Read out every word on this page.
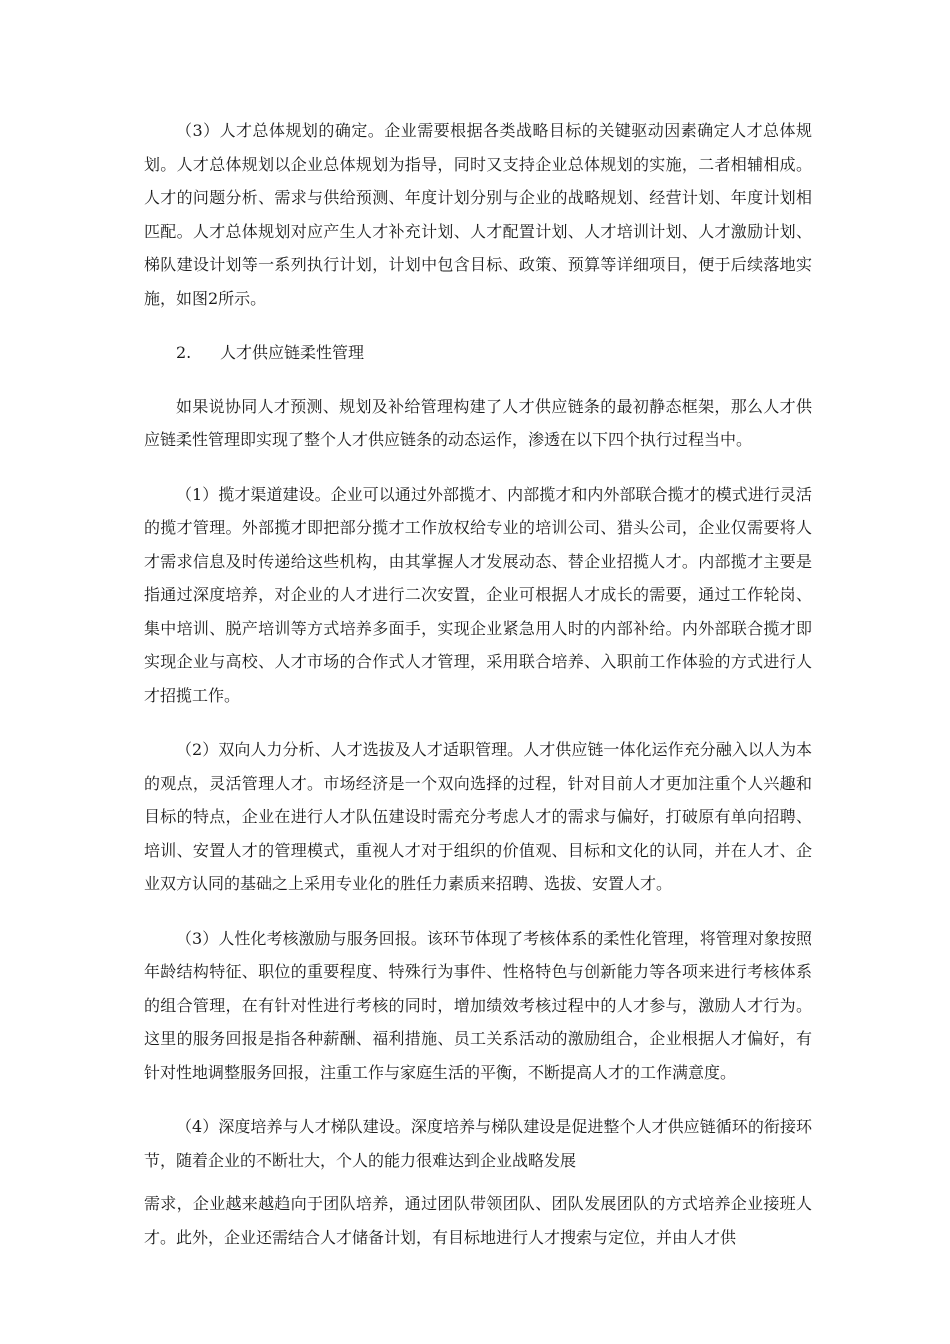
（3）人才总体规划的确定。企业需要根据各类战略目标的关键驱动因素确定人才总体规划。人才总体规划以企业总体规划为指导，同时又支持企业总体规划的实施，二者相辅相成。人才的问题分析、需求与供给预测、年度计划分别与企业的战略规划、经营计划、年度计划相匹配。人才总体规划对应产生人才补充计划、人才配置计划、人才培训计划、人才激励计划、梯队建设计划等一系列执行计划，计划中包含目标、政策、预算等详细项目，便于后续落地实施，如图2所示。

2. 人才供应链柔性管理

如果说协同人才预测、规划及补给管理构建了人才供应链条的最初静态框架，那么人才供应链柔性管理即实现了整个人才供应链条的动态运作，渗透在以下四个执行过程当中。

（1）揽才渠道建设。企业可以通过外部揽才、内部揽才和内外部联合揽才的模式进行灵活的揽才管理。外部揽才即把部分揽才工作放权给专业的培训公司、猎头公司，企业仅需要将人才需求信息及时传递给这些机构，由其掌握人才发展动态、替企业招揽人才。内部揽才主要是指通过深度培养，对企业的人才进行二次安置，企业可根据人才成长的需要，通过工作轮岗、集中培训、脱产培训等方式培养多面手，实现企业紧急用人时的内部补给。内外部联合揽才即实现企业与高校、人才市场的合作式人才管理，采用联合培养、入职前工作体验的方式进行人才招揽工作。

（2）双向人力分析、人才选拔及人才适职管理。人才供应链一体化运作充分融入以人为本的观点，灵活管理人才。市场经济是一个双向选择的过程，针对目前人才更加注重个人兴趣和目标的特点，企业在进行人才队伍建设时需充分考虑人才的需求与偏好，打破原有单向招聘、培训、安置人才的管理模式，重视人才对于组织的价值观、目标和文化的认同，并在人才、企业双方认同的基础之上采用专业化的胜任力素质来招聘、选拔、安置人才。

（3）人性化考核激励与服务回报。该环节体现了考核体系的柔性化管理，将管理对象按照年龄结构特征、职位的重要程度、特殊行为事件、性格特色与创新能力等各项来进行考核体系的组合管理，在有针对性进行考核的同时，增加绩效考核过程中的人才参与，激励人才行为。这里的服务回报是指各种薪酬、福利措施、员工关系活动的激励组合，企业根据人才偏好，有针对性地调整服务回报，注重工作与家庭生活的平衡，不断提高人才的工作满意度。

（4）深度培养与人才梯队建设。深度培养与梯队建设是促进整个人才供应链循环的衔接环节，随着企业的不断壮大，个人的能力很难达到企业战略发展

需求，企业越来越趋向于团队培养，通过团队带领团队、团队发展团队的方式培养企业接班人才。此外，企业还需结合人才储备计划，有目标地进行人才搜索与定位，并由人才供
